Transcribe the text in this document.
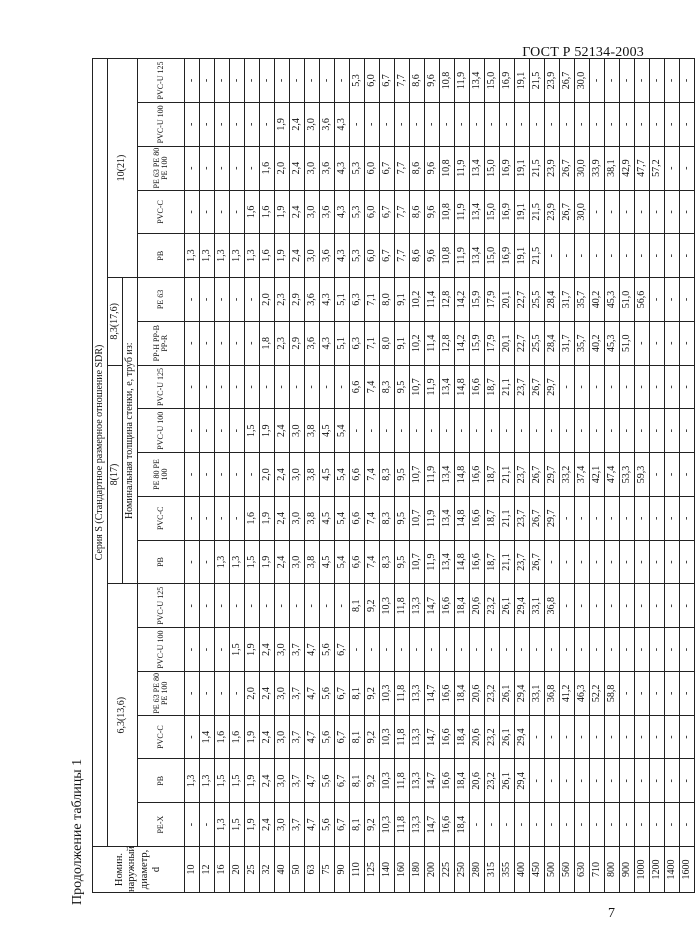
ГОСТ Р 52134-2003
Продолжение таблицы 1	Номин. наружный диаметр, d	Серия S (Стандартное размерное отношение SDR)																	
	6,3(13,6)						8(17)					8,3(17,6)		10(21)				
							Номинальная толщина стенки, e, труб из:											
	PE-X	PB	PVC-C	PE 63 PE 80 PE 100	PVC-U 100	PVC-U 125	PB	PVC-C	PE 80 PE 100	PVC-U 100	PVC-U 125	PP-H PP-B PP-R	PE 63	PB	PVC-C	PE 63 PE 80 PE 100	PVC-U 100	PVC-U 125
10	-	1,3	-	-	-	-	-	-	-	-	-	-	-	1,3	-	-	-	-
12	-	1,3	1,4	-	-	-	-	-	-	-	-	-	-	1,3	-	-	-	-
16	1,3	1,5	1,6	-	-	-	1,3	-	-	-	-	-	-	1,3	-	-	-	-
20	1,5	1,5	1,6	-	1,5	-	1,3	-	-	-	-	-	-	1,3	-	-	-	-
25	1,9	1,9	1,9	2,0	1,9	-	1,5	1,6	-	1,5	-	-	-	1,3	1,6	-	-	-
32	2,4	2,4	2,4	2,4	2,4	-	1,9	1,9	2,0	1,9	-	1,8	2,0	1,6	1,6	1,6	-	-
40	3,0	3,0	3,0	3,0	3,0	-	2,4	2,4	2,4	2,4	-	2,3	2,3	1,9	1,9	2,0	1,9	-
50	3,7	3,7	3,7	3,7	3,7	-	3,0	3,0	3,0	3,0	-	2,9	2,9	2,4	2,4	2,4	2,4	-
63	4,7	4,7	4,7	4,7	4,7	-	3,8	3,8	3,8	3,8	-	3,6	3,6	3,0	3,0	3,0	3,0	-
75	5,6	5,6	5,6	5,6	5,6	-	4,5	4,5	4,5	4,5	-	4,3	4,3	3,6	3,6	3,6	3,6	-
90	6,7	6,7	6,7	6,7	6,7	-	5,4	5,4	5,4	5,4	-	5,1	5,1	4,3	4,3	4,3	4,3	-
110	8,1	8,1	8,1	8,1	-	8,1	6,6	6,6	6,6	-	6,6	6,3	6,3	5,3	5,3	5,3	-	5,3
125	9,2	9,2	9,2	9,2	-	9,2	7,4	7,4	7,4	-	7,4	7,1	7,1	6,0	6,0	6,0	-	6,0
140	10,3	10,3	10,3	10,3	-	10,3	8,3	8,3	8,3	-	8,3	8,0	8,0	6,7	6,7	6,7	-	6,7
160	11,8	11,8	11,8	11,8	-	11,8	9,5	9,5	9,5	-	9,5	9,1	9,1	7,7	7,7	7,7	-	7,7
180	13,3	13,3	13,3	13,3	-	13,3	10,7	10,7	10,7	-	10,7	10,2	10,2	8,6	8,6	8,6	-	8,6
200	14,7	14,7	14,7	14,7	-	14,7	11,9	11,9	11,9	-	11,9	11,4	11,4	9,6	9,6	9,6	-	9,6
225	16,6	16,6	16,6	16,6	-	16,6	13,4	13,4	13,4	-	13,4	12,8	12,8	10,8	10,8	10,8	-	10,8
250	18,4	18,4	18,4	18,4	-	18,4	14,8	14,8	14,8	-	14,8	14,2	14,2	11,9	11,9	11,9	-	11,9
280	-	20,6	20,6	20,6	-	20,6	16,6	16,6	16,6	-	16,6	15,9	15,9	13,4	13,4	13,4	-	13,4
315	-	23,2	23,2	23,2	-	23,2	18,7	18,7	18,7	-	18,7	17,9	17,9	15,0	15,0	15,0	-	15,0
355	-	26,1	26,1	26,1	-	26,1	21,1	21,1	21,1	-	21,1	20,1	20,1	16,9	16,9	16,9	-	16,9
400	-	29,4	29,4	29,4	-	29,4	23,7	23,7	23,7	-	23,7	22,7	22,7	19,1	19,1	19,1	-	19,1
450	-	-	-	33,1	-	33,1	26,7	26,7	26,7	-	26,7	25,5	25,5	21,5	21,5	21,5	-	21,5
500	-	-	-	36,8	-	36,8	-	29,7	29,7	-	29,7	28,4	28,4	-	23,9	23,9	-	23,9
560	-	-	-	41,2	-	-	-	-	33,2	-	-	31,7	31,7	-	26,7	26,7	-	26,7
630	-	-	-	46,3	-	-	-	-	37,4	-	-	35,7	35,7	-	30,0	30,0	-	30,0
710	-	-	-	52,2	-	-	-	-	42,1	-	-	40,2	40,2	-	-	33,9	-	-
800	-	-	-	58,8	-	-	-	-	47,4	-	-	45,3	45,3	-	-	38,1	-	-
900	-	-	-	-	-	-	-	-	53,3	-	-	51,0	51,0	-	-	42,9	-	-
1000	-	-	-	-	-	-	-	-	59,3	-	-	-	56,6	-	-	47,7	-	-
1200	-	-	-	-	-	-	-	-	-	-	-	-	-	-	-	57,2	-	-
1400	-	-	-	-	-	-	-	-	-	-	-	-	-	-	-	-	-	-
1600	-	-	-	-	-	-	-	-	-	-	-	-	-	-	-	-	-	-
7
